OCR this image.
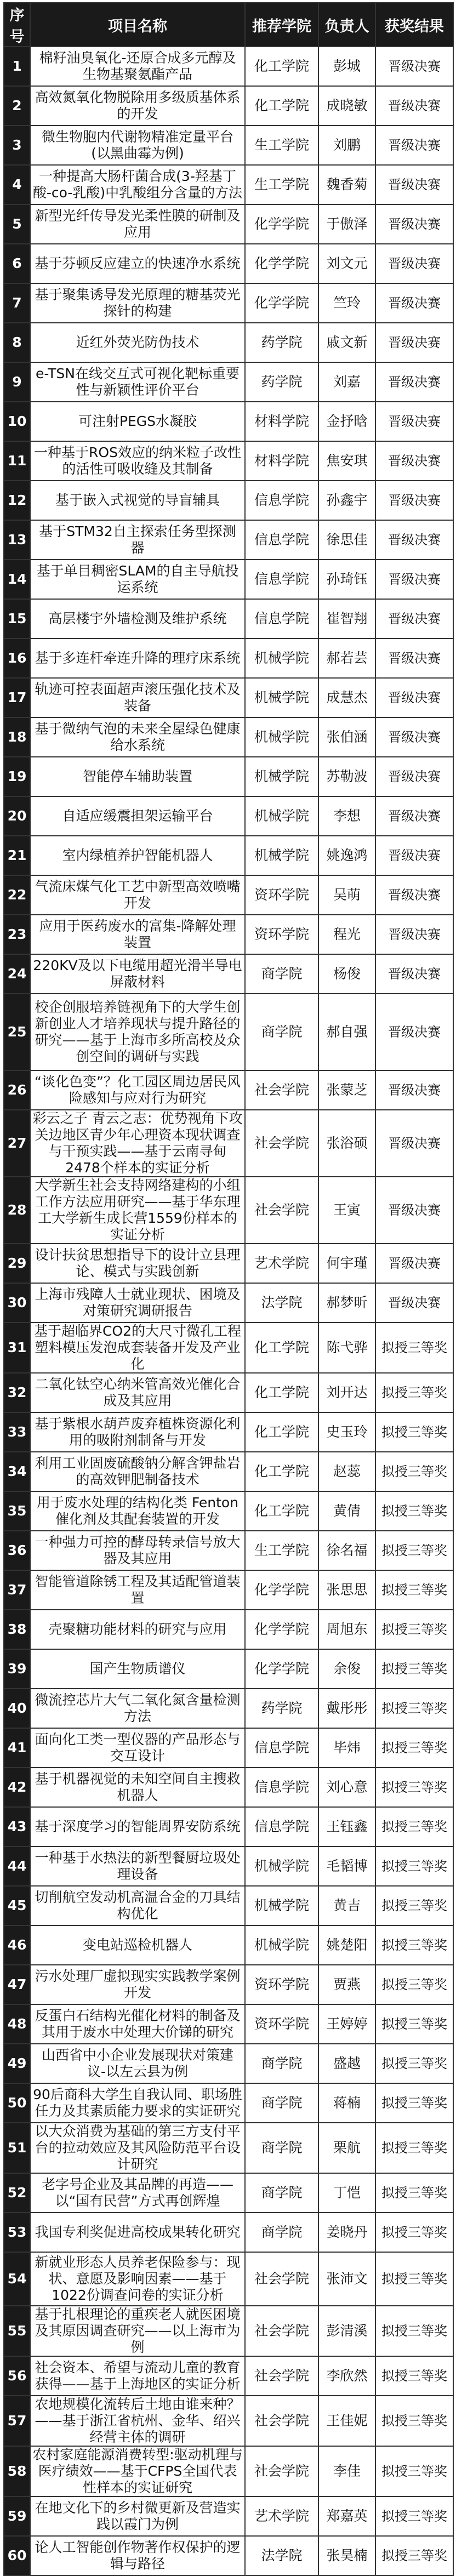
序号	项目名称	推荐学院	负责人	获奖结果
1	棉籽油臭氧化-还原合成多元醇及生物基聚氨酯产品	化工学院	彭城	晋级决赛
2	高效氮氧化物脱除用多级质基体系的开发	化工学院	成晓敏	晋级决赛
3	微生物胞内代谢物精准定量平台(以黑曲霉为例)	生工学院	刘鹏	晋级决赛
4	一种提高大肠杆菌合成(3-羟基丁酸-co-乳酸)中乳酸组分含量的方法	生工学院	魏香菊	晋级决赛
5	新型光纤传导发光柔性膜的研制及应用	化学学院	于傲泽	晋级决赛
6	基于芬顿反应建立的快速净水系统	化学学院	刘文元	晋级决赛
7	基于聚集诱导发光原理的糖基荧光探针的构建	化学学院	竺玲	晋级决赛
8	近红外荧光防伪技术	药学院	戚文新	晋级决赛
9	e-TSN在线交互式可视化靶标重要性与新颖性评价平台	药学院	刘嘉	晋级决赛
10	可注射PEGS水凝胶	材料学院	金抒晗	晋级决赛
11	一种基于ROS效应的纳米粒子改性的活性可吸收缝及其制备	材料学院	焦安琪	晋级决赛
12	基于嵌入式视觉的导盲辅具	信息学院	孙鑫宇	晋级决赛
13	基于STM32自主探索任务型探测器	信息学院	徐思佳	晋级决赛
14	基于单目稠密SLAM的自主导航投运系统	信息学院	孙琦钰	晋级决赛
15	高层楼宇外墙检测及维护系统	信息学院	崔智翔	晋级决赛
16	基于多连杆牵连升降的理疗床系统	机械学院	郝若芸	晋级决赛
17	轨迹可控表面超声滚压强化技术及装备	机械学院	成慧杰	晋级决赛
18	基于微纳气泡的未来全屋绿色健康给水系统	机械学院	张伯涵	晋级决赛
19	智能停车辅助装置	机械学院	苏勒波	晋级决赛
20	自适应缓震担架运输平台	机械学院	李想	晋级决赛
21	室内绿植养护智能机器人	机械学院	姚逸鸿	晋级决赛
22	气流床煤气化工艺中新型高效喷嘴开发	资环学院	吴萌	晋级决赛
23	应用于医药废水的富集-降解处理装置	资环学院	程光	晋级决赛
24	220KV及以下电缆用超光滑半导电屏蔽材料	商学院	杨俊	晋级决赛
25	校企创服培养链视角下的大学生创新创业人才培养现状与提升路径的研究——基于上海市多所高校及众创空间的调研与实践	商学院	郝自强	晋级决赛
26	“谈化色变”？化工园区周边居民风险感知与应对行为研究	社会学院	张蒙芝	晋级决赛
27	彩云之子 青云之志：优势视角下攻关边地区青少年心理资本现状调查与干预实践——基于云南寻甸2478个样本的实证分析	社会学院	张浴硕	晋级决赛
28	大学新生社会支持网络建构的小组工作方法应用研究——基于华东理工大学新生成长营1559份样本的实证分析	社会学院	王寅	晋级决赛
29	设计扶贫思想指导下的设计立县理论、模式与实践创新	艺术学院	何宇瑾	晋级决赛
30	上海市残障人士就业现状、困境及对策研究调研报告	法学院	郝梦昕	晋级决赛
31	基于超临界CO2的大尺寸微孔工程塑料模压发泡成套装备开发及产业化	化工学院	陈弋骅	拟授三等奖
32	二氧化钛空心纳米管高效光催化合成及其应用	化工学院	刘开达	拟授三等奖
33	基于紫根水葫芦废弃植株资源化利用的吸附剂制备与开发	化工学院	史玉玲	拟授三等奖
34	利用工业固废硫酸钠分解含钾盐岩的高效钾肥制备技术	化工学院	赵蕊	拟授三等奖
35	用于废水处理的结构化类 Fenton 催化剂及其配套装置的开发	化工学院	黄倩	拟授三等奖
36	一种强力可控的酵母转录信号放大器及其应用	生工学院	徐名福	拟授三等奖
37	智能管道除锈工程及其适配管道装置	化学学院	张思思	拟授三等奖
38	壳聚糖功能材料的研究与应用	化学学院	周旭东	拟授三等奖
39	国产生物质谱仪	化学学院	余俊	拟授三等奖
40	微流控芯片大气二氧化氮含量检测方法	药学院	戴彤彤	拟授三等奖
41	面向化工类一型仪器的产品形态与交互设计	信息学院	毕炜	拟授三等奖
42	基于机器视觉的未知空间自主搜救机器人	信息学院	刘心意	拟授三等奖
43	基于深度学习的智能周界安防系统	信息学院	王钰鑫	拟授三等奖
44	一种基于水热法的新型餐厨垃圾处理设备	机械学院	毛韬博	拟授三等奖
45	切削航空发动机高温合金的刀具结构优化	机械学院	黄吉	拟授三等奖
46	变电站巡检机器人	机械学院	姚楚阳	拟授三等奖
47	污水处理厂虚拟现实实践教学案例开发	资环学院	贾燕	拟授三等奖
48	反蛋白石结构光催化材料的制备及其用于废水中处理大价锑的研究	资环学院	王婷婷	拟授三等奖
49	山西省中小企业发展现状对策建议-以左云县为例	商学院	盛越	拟授三等奖
50	90后商科大学生自我认同、职场胜任力及其素质能力要求的实证研究	商学院	蒋楠	拟授三等奖
51	以大众消费为基础的第三方支付平台的拉动效应及其风险防范平台设计研究	商学院	栗航	拟授三等奖
52	老字号企业及其品牌的再造——以“国有民营”方式再创辉煌	商学院	丁恺	拟授三等奖
53	我国专利奖促进高校成果转化研究	商学院	姜晓丹	拟授三等奖
54	新就业形态人员养老保险参与：现状、意愿及影响因素——基于1022份调查问卷的实证分析	社会学院	张沛文	拟授三等奖
55	基于扎根理论的重疾老人就医困境及其原因调查研究——以上海市为例	社会学院	彭清溪	拟授三等奖
56	社会资本、希望与流动儿童的教育获得——基于上海地区的实证分析	社会学院	李欣然	拟授三等奖
57	农地规模化流转后土地由谁来种？——基于浙江省杭州、金华、绍兴经营主体的调研	社会学院	王佳妮	拟授三等奖
58	农村家庭能源消费转型:驱动机理与医疗绩效——基于CFPS全国代表性样本的实证研究	社会学院	李佳	拟授三等奖
59	在地文化下的乡村微更新及营造实践以霞门为例	艺术学院	郑嘉英	拟授三等奖
60	论人工智能创作物著作权保护的逻辑与路径	法学院	张昊楠	拟授三等奖
